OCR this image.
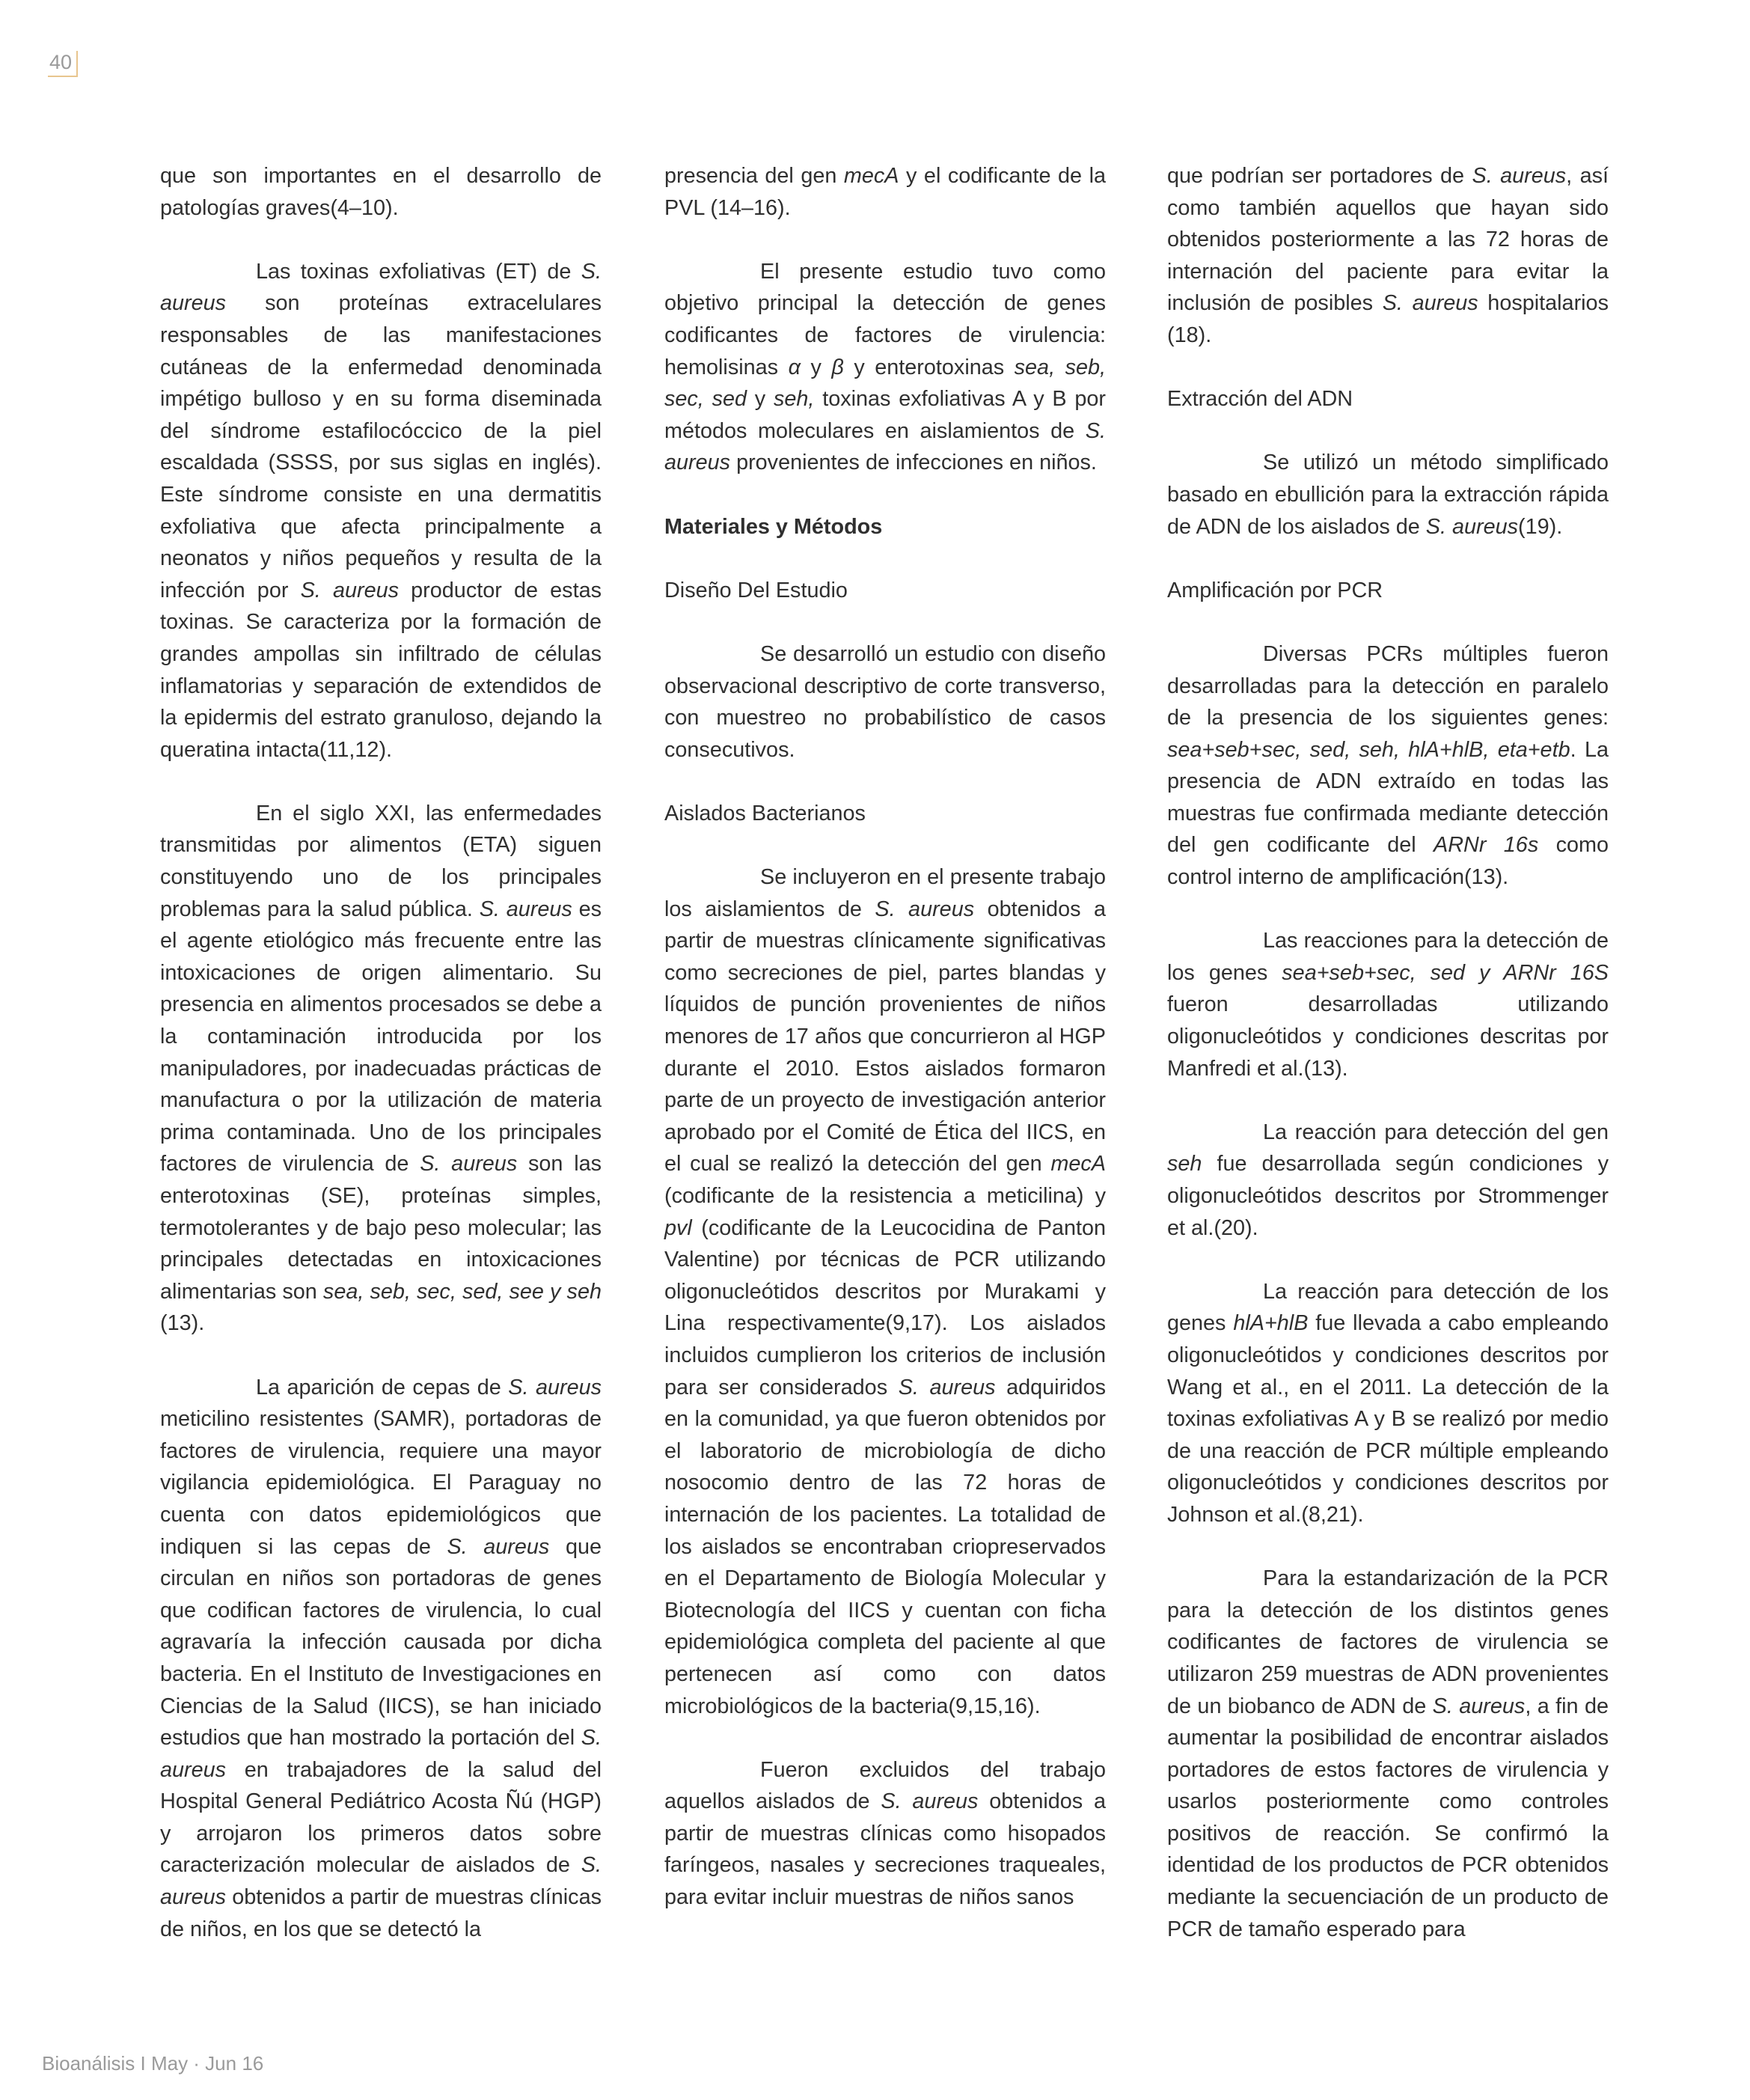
40

que son importantes en el desarrollo de patologías graves(4–10).

Las toxinas exfoliativas (ET) de S. aureus son proteínas extracelulares responsables de las manifestaciones cutáneas de la enfermedad denominada impétigo bulloso y en su forma diseminada del síndrome estafilocóccico de la piel escaldada (SSSS, por sus siglas en inglés). Este síndrome consiste en una dermatitis exfoliativa que afecta principalmente a neonatos y niños pequeños y resulta de la infección por S. aureus productor de estas toxinas. Se caracteriza por la formación de grandes ampollas sin infiltrado de células inflamatorias y separación de extendidos de la epidermis del estrato granuloso, dejando la queratina intacta(11,12).

En el siglo XXI, las enfermedades transmitidas por alimentos (ETA) siguen constituyendo uno de los principales problemas para la salud pública. S. aureus es el agente etiológico más frecuente entre las intoxicaciones de origen alimentario. Su presencia en alimentos procesados se debe a la contaminación introducida por los manipuladores, por inadecuadas prácticas de manufactura o por la utilización de materia prima contaminada. Uno de los principales factores de virulencia de S. aureus son las enterotoxinas (SE), proteínas simples, termotolerantes y de bajo peso molecular; las principales detectadas en intoxicaciones alimentarias son sea, seb, sec, sed, see y seh (13).

La aparición de cepas de S. aureus meticilino resistentes (SAMR), portadoras de factores de virulencia, requiere una mayor vigilancia epidemiológica. El Paraguay no cuenta con datos epidemiológicos que indiquen si las cepas de S. aureus que circulan en niños son portadoras de genes que codifican factores de virulencia, lo cual agravaría la infección causada por dicha bacteria. En el Instituto de Investigaciones en Ciencias de la Salud (IICS), se han iniciado estudios que han mostrado la portación del S. aureus en trabajadores de la salud del Hospital General Pediátrico Acosta Ñú (HGP) y arrojaron los primeros datos sobre caracterización molecular de aislados de S. aureus obtenidos a partir de muestras clínicas de niños, en los que se detectó la

presencia del gen mecA y el codificante de la PVL (14–16).

El presente estudio tuvo como objetivo principal la detección de genes codificantes de factores de virulencia: hemolisinas α y β y enterotoxinas sea, seb, sec, sed y seh, toxinas exfoliativas A y B por métodos moleculares en aislamientos de S. aureus provenientes de infecciones en niños.

Materiales y Métodos

Diseño Del Estudio

Se desarrolló un estudio con diseño observacional descriptivo de corte transverso, con muestreo no probabilístico de casos consecutivos.

Aislados Bacterianos

Se incluyeron en el presente trabajo los aislamientos de S. aureus obtenidos a partir de muestras clínicamente significativas como secreciones de piel, partes blandas y líquidos de punción provenientes de niños menores de 17 años que concurrieron al HGP durante el 2010. Estos aislados formaron parte de un proyecto de investigación anterior aprobado por el Comité de Ética del IICS, en el cual se realizó la detección del gen mecA (codificante de la resistencia a meticilina) y pvl (codificante de la Leucocidina de Panton Valentine) por técnicas de PCR utilizando oligonucleótidos descritos por Murakami y Lina respectivamente(9,17). Los aislados incluidos cumplieron los criterios de inclusión para ser considerados S. aureus adquiridos en la comunidad, ya que fueron obtenidos por el laboratorio de microbiología de dicho nosocomio dentro de las 72 horas de internación de los pacientes. La totalidad de los aislados se encontraban criopreservados en el Departamento de Biología Molecular y Biotecnología del IICS y cuentan con ficha epidemiológica completa del paciente al que pertenecen así como con datos microbiológicos de la bacteria(9,15,16).

Fueron excluidos del trabajo aquellos aislados de S. aureus obtenidos a partir de muestras clínicas como hisopados faríngeos, nasales y secreciones traqueales, para evitar incluir muestras de niños sanos

que podrían ser portadores de S. aureus, así como también aquellos que hayan sido obtenidos posteriormente a las 72 horas de internación del paciente para evitar la inclusión de posibles S. aureus hospitalarios (18).

Extracción del ADN

Se utilizó un método simplificado basado en ebullición para la extracción rápida de ADN de los aislados de S. aureus(19).

Amplificación por PCR

Diversas PCRs múltiples fueron desarrolladas para la detección en paralelo de la presencia de los siguientes genes: sea+seb+sec, sed, seh, hlA+hlB, eta+etb. La presencia de ADN extraído en todas las muestras fue confirmada mediante detección del gen codificante del ARNr 16s como control interno de amplificación(13).

Las reacciones para la detección de los genes sea+seb+sec, sed y ARNr 16S fueron desarrolladas utilizando oligonucleótidos y condiciones descritas por Manfredi et al.(13).

La reacción para detección del gen seh fue desarrollada según condiciones y oligonucleótidos descritos por Strommenger et al.(20).

La reacción para detección de los genes hlA+hlB fue llevada a cabo empleando oligonucleótidos y condiciones descritos por Wang et al., en el 2011. La detección de la toxinas exfoliativas A y B se realizó por medio de una reacción de PCR múltiple empleando oligonucleótidos y condiciones descritos por Johnson et al.(8,21).

Para la estandarización de la PCR para la detección de los distintos genes codificantes de factores de virulencia se utilizaron 259 muestras de ADN provenientes de un biobanco de ADN de S. aureus, a fin de aumentar la posibilidad de encontrar aislados portadores de estos factores de virulencia y usarlos posteriormente como controles positivos de reacción. Se confirmó la identidad de los productos de PCR obtenidos mediante la secuenciación de un producto de PCR de tamaño esperado para

Bioanálisis I May · Jun 16
